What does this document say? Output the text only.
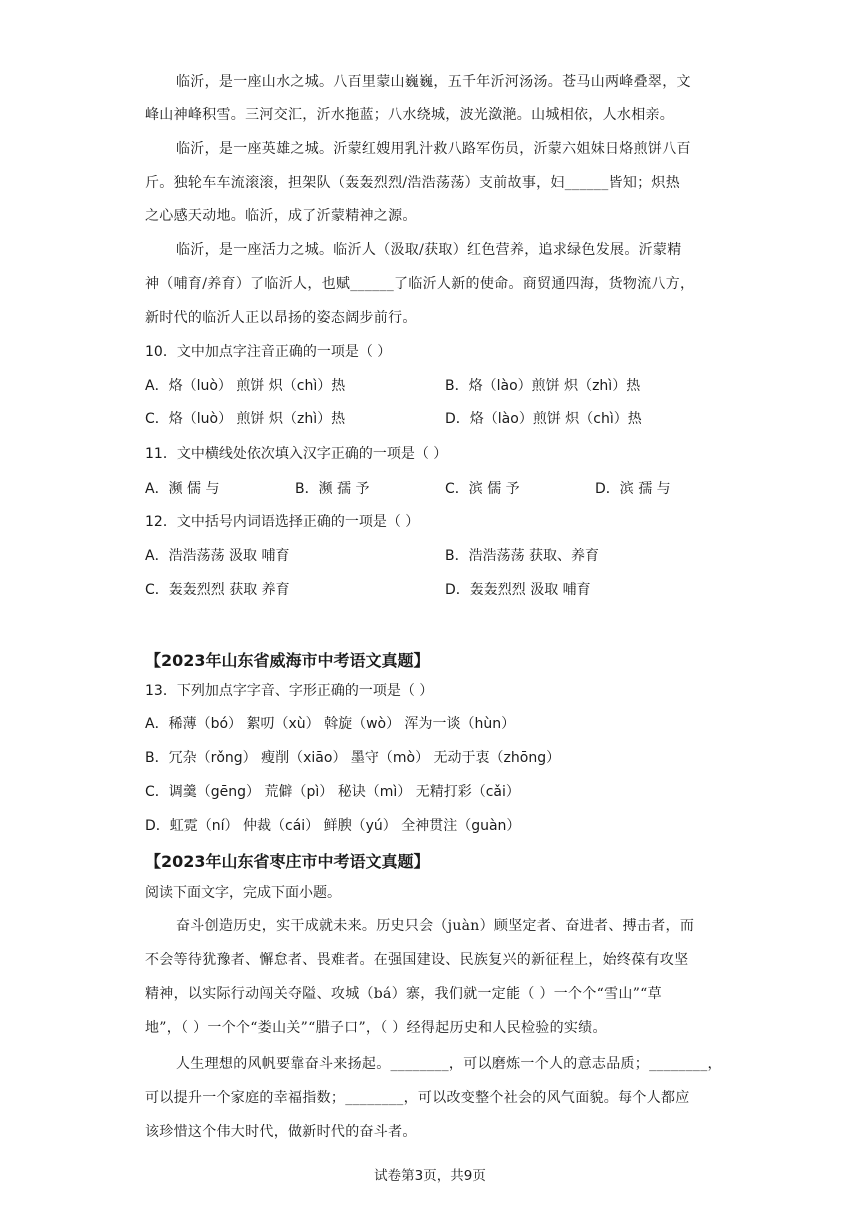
临沂，是一座山水之城。八百里蒙山巍巍，五千年沂河汤汤。苍马山两峰叠翠，文
峰山神峰积雪。三河交汇，沂水拖蓝；八水绕城，波光潋滟。山城相依，人水相亲。
临沂，是一座英雄之城。沂蒙红嫂用乳汁救八路军伤员，沂蒙六姐妹日烙煎饼八百
斤。独轮车车流滚滚，担架队（轰轰烈烈/浩浩荡荡）支前故事，妇______皆知；炽热
之心感天动地。临沂，成了沂蒙精神之源。
临沂，是一座活力之城。临沂人（汲取/获取）红色营养，追求绿色发展。沂蒙精
神（哺育/养育）了临沂人，也赋______了临沂人新的使命。商贸通四海，货物流八方，
新时代的临沂人正以昂扬的姿态阔步前行。
10．文中加点字注音正确的一项是（ ）
A．烙（luò） 煎饼 炽（chì）热	B．烙（lào）煎饼 炽（zhì）热
C．烙（luò） 煎饼 炽（zhì）热	D．烙（lào）煎饼 炽（chì）热
11．文中横线处依次填入汉字正确的一项是（ ）
A．濒 儒 与	B．濒 孺 予	C．滨 儒 予	D．滨 孺 与
12．文中括号内词语选择正确的一项是（ ）
A．浩浩荡荡 汲取 哺育	B．浩浩荡荡 获取、养育
C．轰轰烈烈 获取 养育	D．轰轰烈烈 汲取 哺育
【2023年山东省威海市中考语文真题】
13．下列加点字字音、字形正确的一项是（ ）
A．稀薄（bó） 絮叨（xù） 斡旋（wò） 浑为一谈（hùn）
B．冗杂（rǒng） 瘦削（xiāo） 墨守（mò） 无动于衷（zhōng）
C．调羹（gēng） 荒僻（pì） 秘诀（mì） 无精打彩（cǎi）
D．虹霓（ní） 仲裁（cái） 鲜腴（yú） 全神贯注（guàn）
【2023年山东省枣庄市中考语文真题】
阅读下面文字，完成下面小题。
奋斗创造历史，实干成就未来。历史只会（juàn）顾坚定者、奋进者、搏击者，而
不会等待犹豫者、懈怠者、畏难者。在强国建设、民族复兴的新征程上，始终葆有攻坚
精神，以实际行动闯关夺隘、攻城（bá）寨，我们就一定能（ ）一个个“雪山”“草
地”，（ ）一个个“娄山关”“腊子口”，（ ）经得起历史和人民检验的实绩。
人生理想的风帆要靠奋斗来扬起。________，可以磨炼一个人的意志品质；________，
可以提升一个家庭的幸福指数；________，可以改变整个社会的风气面貌。每个人都应
该珍惜这个伟大时代，做新时代的奋斗者。
试卷第3页，共9页
